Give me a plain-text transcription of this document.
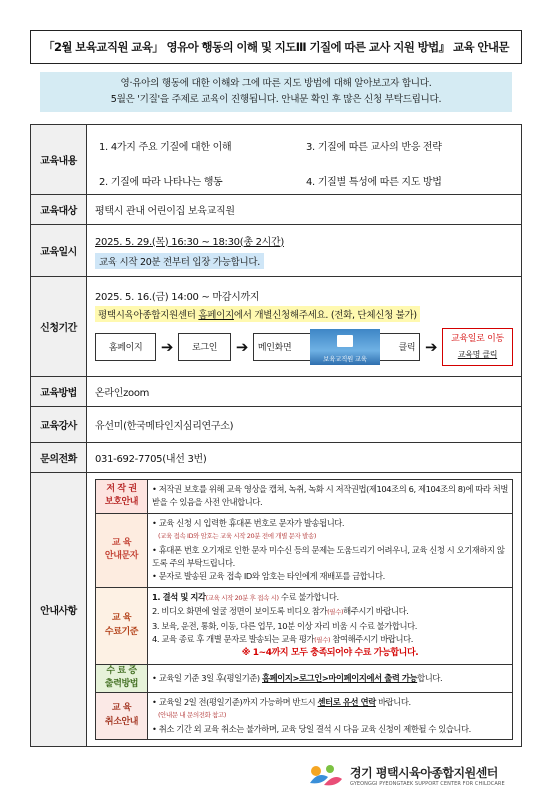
「2월 보육교직원 교육」 영유아 행동의 이해 및 지도Ⅲ 기질에 따른 교사 지원 방법』 교육 안내문
영·유아의 행동에 대한 이해와 그에 따른 지도 방법에 대해 알아보고자 합니다.
5월은 '기질'을 주제로 교육이 진행됩니다. 안내문 확인 후 많은 신청 부탁드립니다.
교육내용	
1. 4가지 주요 기질에 대한 이해	3. 기질에 따른 교사의 반응 전략
2. 기질에 따라 나타나는 행동	4. 기질별 특성에 따른 지도 방법

교육대상	평택시 관내 어린이집 보육교직원
교육일시	
2025. 5. 29.(목) 16:30 ~ 18:30(총 2시간)
교육 시작 20분 전부터 입장 가능합니다.
신청기간	
2025. 5. 16.(금) 14:00 ~ 마감시까지
평택시육아종합지원센터 홈페이지에서 개별신청해주세요. (전화, 단체신청 불가)
홈페이지	➔	로그인	➔	메인화면
보육교직원 교육
클릭 ➔	교육일로 이동
교육명 클릭

교육방법	온라인zoom
교육강사	유선미(한국메타인지심리연구소)
문의전화	031-692-7705(내선 3번)
안내사항	
저 작 권
보호안내
	• 저작권 보호를 위해 교육 영상을 캡쳐, 녹취, 녹화 시 저작권법(제104조의 6, 제104조의 8)에 따라 처벌받을 수 있음을 사전 안내합니다.

교 육
안내문자

• 교육 신청 시 입력한 휴대폰 번호로 문자가 발송됩니다.
(교육 접속 ID와 암호는 교육 시작 20분 전에 개별 문자 발송)
• 휴대폰 번호 오기재로 인한 문자 미수신 등의 문제는 도움드리기 어려우니, 교육 신청 시 오기재하지 않도록 주의 부탁드립니다.
• 문자로 발송된 교육 접속 ID와 암호는 타인에게 재배포를 금합니다.

교 육
수료기준

1. 결석 및 지각(교육 시작 20분 후 접속 시) 수료 불가합니다.
2. 비디오 화면에 얼굴 정면이 보이도록 비디오 참가(필수)해주시기 바랍니다.
3. 보육, 운전, 통화, 이동, 다른 업무, 10분 이상 자리 비움 시 수료 불가합니다.
4. 교육 종료 후 개별 문자로 발송되는 교육 평가(필수) 참여해주시기 바랍니다.
※ 1~4까지 모두 충족되어야 수료 가능합니다.

수 료 증
출력방법
	• 교육일 기준 3일 후(평일기준) 홈페이지>로그인>마이페이지에서 출력 가능합니다.

교 육
취소안내

• 교육일 2일 전(평일기준)까지 가능하며 반드시 센터로 유선 연락 바랍니다.
(안내문 내 문의전화 참고)
• 취소 기간 외 교육 취소는 불가하며, 교육 당일 결석 시 다음 교육 신청이 제한될 수 있습니다.
경기 평택시육아종합지원센터
GYEONGGI PYEONGTAEK SUPPORT CENTER FOR CHILDCARE
